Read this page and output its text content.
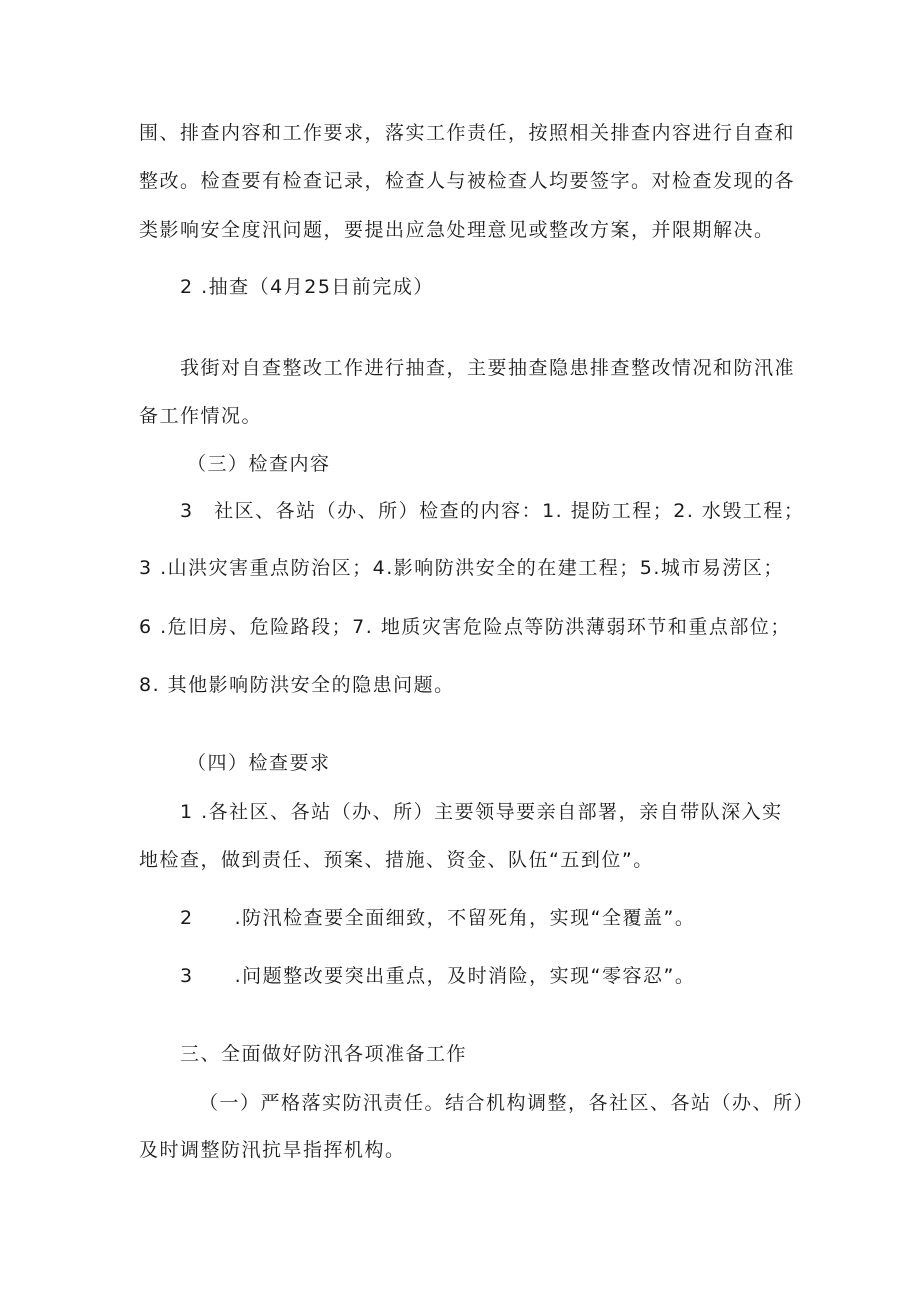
围、排查内容和工作要求，落实工作责任，按照相关排查内容进行自查和
整改。检查要有检查记录，检查人与被检查人均要签字。对检查发现的各
类影响安全度汛问题，要提出应急处理意见或整改方案，并限期解决。
2 .抽查（4月25日前完成）
我街对自查整改工作进行抽查，主要抽查隐患排查整改情况和防汛准
备工作情况。
（三）检查内容
3　社区、各站（办、所）检查的内容：1. 提防工程；2. 水毁工程；
3 .山洪灾害重点防治区；4.影响防洪安全的在建工程；5.城市易涝区；
6 .危旧房、危险路段；7. 地质灾害危险点等防洪薄弱环节和重点部位；
8. 其他影响防洪安全的隐患问题。
（四）检查要求
1 .各社区、各站（办、所）主要领导要亲自部署，亲自带队深入实
地检查，做到责任、预案、措施、资金、队伍“五到位”。
2　　.防汛检查要全面细致，不留死角，实现“全覆盖”。
3　　.问题整改要突出重点，及时消险，实现“零容忍”。
三、全面做好防汛各项准备工作
（一）严格落实防汛责任。结合机构调整，各社区、各站（办、所）
及时调整防汛抗旱指挥机构。
